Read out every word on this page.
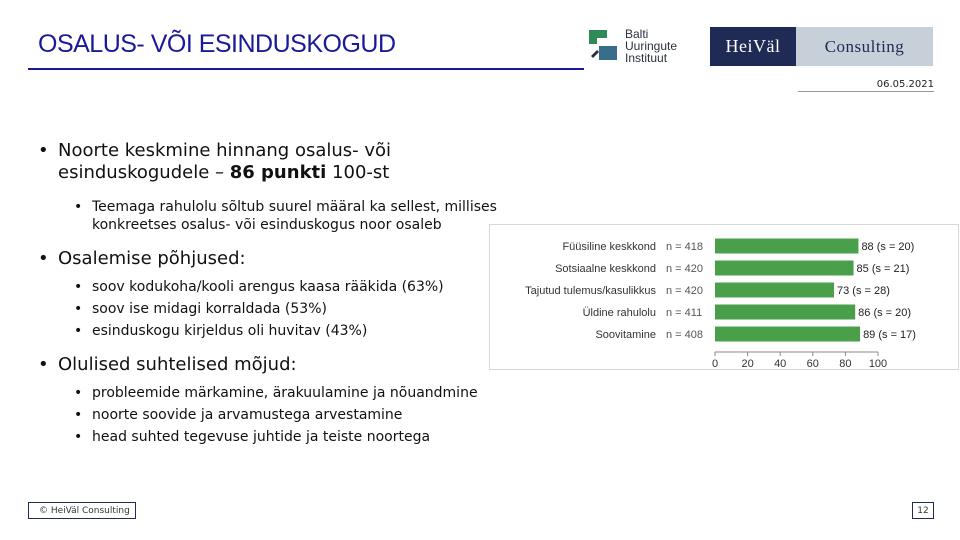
OSALUS- VÕI ESINDUSKOGUD	Balti
Uuringute
Instituut
HeiVäl	Consulting
06.05.2021
• Noorte keskmine hinnang osalus- või esinduskogudele – 86 punkti 100-st
• Teemaga rahulolu sõltub suurel määral ka sellest, millises konkreetses osalus- või esinduskogus noor osaleb
• Osalemise põhjused:
• soov kodukoha/kooli arengus kaasa rääkida (63%)
• soov ise midagi korraldada (53%)
• esinduskogu kirjeldus oli huvitav (43%)
• Olulised suhtelised mõjud:
• probleemide märkamine, ärakuulamine ja nõuandmine
• noorte soovide ja arvamustega arvestamine
• head suhted tegevuse juhtide ja teiste noortega
Füüsiline keskkond n = 418	88 (s = 20)
Sotsiaalne keskkond n = 420	85 (s = 21)
Tajutud tulemus/kasulikkus n = 420	73 (s = 28)
Üldine rahulolu n = 411	86 (s = 20)
Soovitamine n = 408	89 (s = 17)
0 20 40 60 80 100
© HeiVäl Consulting	12
